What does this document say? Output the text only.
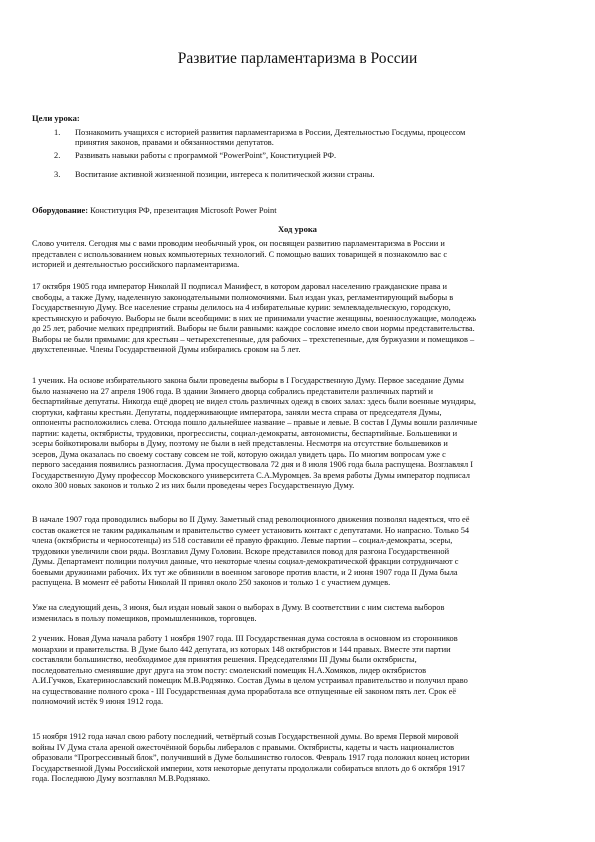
Развитие парламентаризма в России
Цели урока:
1. Познакомить учащихся с историей развития парламентаризма в России, Деятельностью Госдумы, процессом
принятия законов, правами и обязанностями депутатов.
2. Развивать навыки работы с программой “PowerPoint”, Конституцией РФ.
3. Воспитание активной жизненной позиции, интереса к политической жизни страны.
Оборудование: Конституция РФ, презентация Microsoft Power Point
Ход урока
Слово учителя. Сегодня мы с вами проводим необычный урок, он посвящен развитию парламентаризма в России и
представлен с использованием новых компьютерных технологий. С помощью ваших товарищей я познакомлю вас с
историей и деятельностью российского парламентаризма.
17 октября 1905 года император Николай II подписал Манифест, в котором даровал населению гражданские права и
свободы, а также Думу, наделенную законодательными полномочиями. Был издан указ, регламентирующий выборы в
Государственную Думу. Все население страны делилось на 4 избирательные курии: землевладельческую, городскую,
крестьянскую и рабочую. Выборы не были всеобщими: в них не принимали участие женщины, военнослужащие, молодежь
до 25 лет, рабочие мелких предприятий. Выборы не были равными: каждое сословие имело свои нормы представительства.
Выборы не были прямыми: для крестьян – четырехстепенные, для рабочих – трехстепенные, для буржуазии и помещиков –
двухстепенные. Члены Государственной Думы избирались сроком на 5 лет.
1 ученик. На основе избирательного закона были проведены выборы в I Государственную Думу. Первое заседание Думы
было назначено на 27 апреля 1906 года. В здании Зимнего дворца собрались представители различных партий и
беспартийные депутаты. Никогда ещё дворец не видел столь различных одежд в своих залах: здесь были военные мундиры,
сюртуки, кафтаны крестьян. Депутаты, поддерживающие императора, заняли места справа от председателя Думы,
оппоненты расположились слева. Отсюда пошло дальнейшее название – правые и левые. В состав I Думы вошли различные
партии: кадеты, октябристы, трудовики, прогрессисты, социал-демократы, автономисты, беспартийные. Большевики и
эсеры бойкотировали выборы в Думу, поэтому не были в ней представлены. Несмотря на отсутствие большевиков и
эсеров, Дума оказалась по своему составу совсем не той, которую ожидал увидеть царь. По многим вопросам уже с
первого заседания появились разногласия. Дума просуществовала 72 дня и 8 июля 1906 года была распущена. Возглавлял I
Государственную Думу профессор Московского университета С.А.Муромцев. За время работы Думы император подписал
около 300 новых законов и только 2 из них были проведены через Государственную Думу.
В начале 1907 года проводились выборы во II Думу. Заметный спад революционного движения позволял надеяться, что её
состав окажется не таким радикальным и правительство сумеет установить контакт с депутатами. Но напрасно. Только 54
члена (октябристы и черносотенцы) из 518 составили её правую фракцию. Левые партии – социал-демократы, эсеры,
трудовики увеличили свои ряды. Возглавил Думу Головин. Вскоре представился повод для разгона Государственной
Думы. Департамент полиции получил данные, что некоторые члены социал-демократической фракции сотрудничают с
боевыми дружинами рабочих. Их тут же обвинили в военном заговоре против власти, и 2 июня 1907 года II Дума была
распущена. В момент её работы Николай II принял около 250 законов и только 1 с участием думцев.
Уже на следующий день, 3 июня, был издан новый закон о выборах в Думу. В соответствии с ним система выборов
изменилась в пользу помещиков, промышленников, торговцев.
2 ученик. Новая Дума начала работу 1 ноября 1907 года. III Государственная дума состояла в основном из сторонников
монархии и правительства. В Думе было 442 депутата, из которых 148 октябристов и 144 правых. Вместе эти партии
составляли большинство, необходимое для принятия решения. Председателями III Думы были октябристы,
последовательно сменявшие друг друга на этом посту: смоленский помещик Н.А.Хомяков, лидер октябристов
А.И.Гучков, Екатеринославский помещик М.В.Родзянко. Состав Думы в целом устраивал правительство и получил право
на существование полного срока - III Государственная дума проработала все отпущенные ей законом пять лет. Срок её
полномочий истёк 9 июня 1912 года.
15 ноября 1912 года начал свою работу последний, четвёртый созыв Государственной думы. Во время Первой мировой
войны IV Дума стала ареной ожесточённой борьбы либералов с правыми. Октябристы, кадеты и часть националистов
образовали “Прогрессивный блок”, получивший в Думе большинство голосов. Февраль 1917 года положил конец истории
Государственной Думы Российской империи, хотя некоторые депутаты продолжали собираться вплоть до 6 октября 1917
года. Последнюю Думу возглавлял М.В.Родзянко.
